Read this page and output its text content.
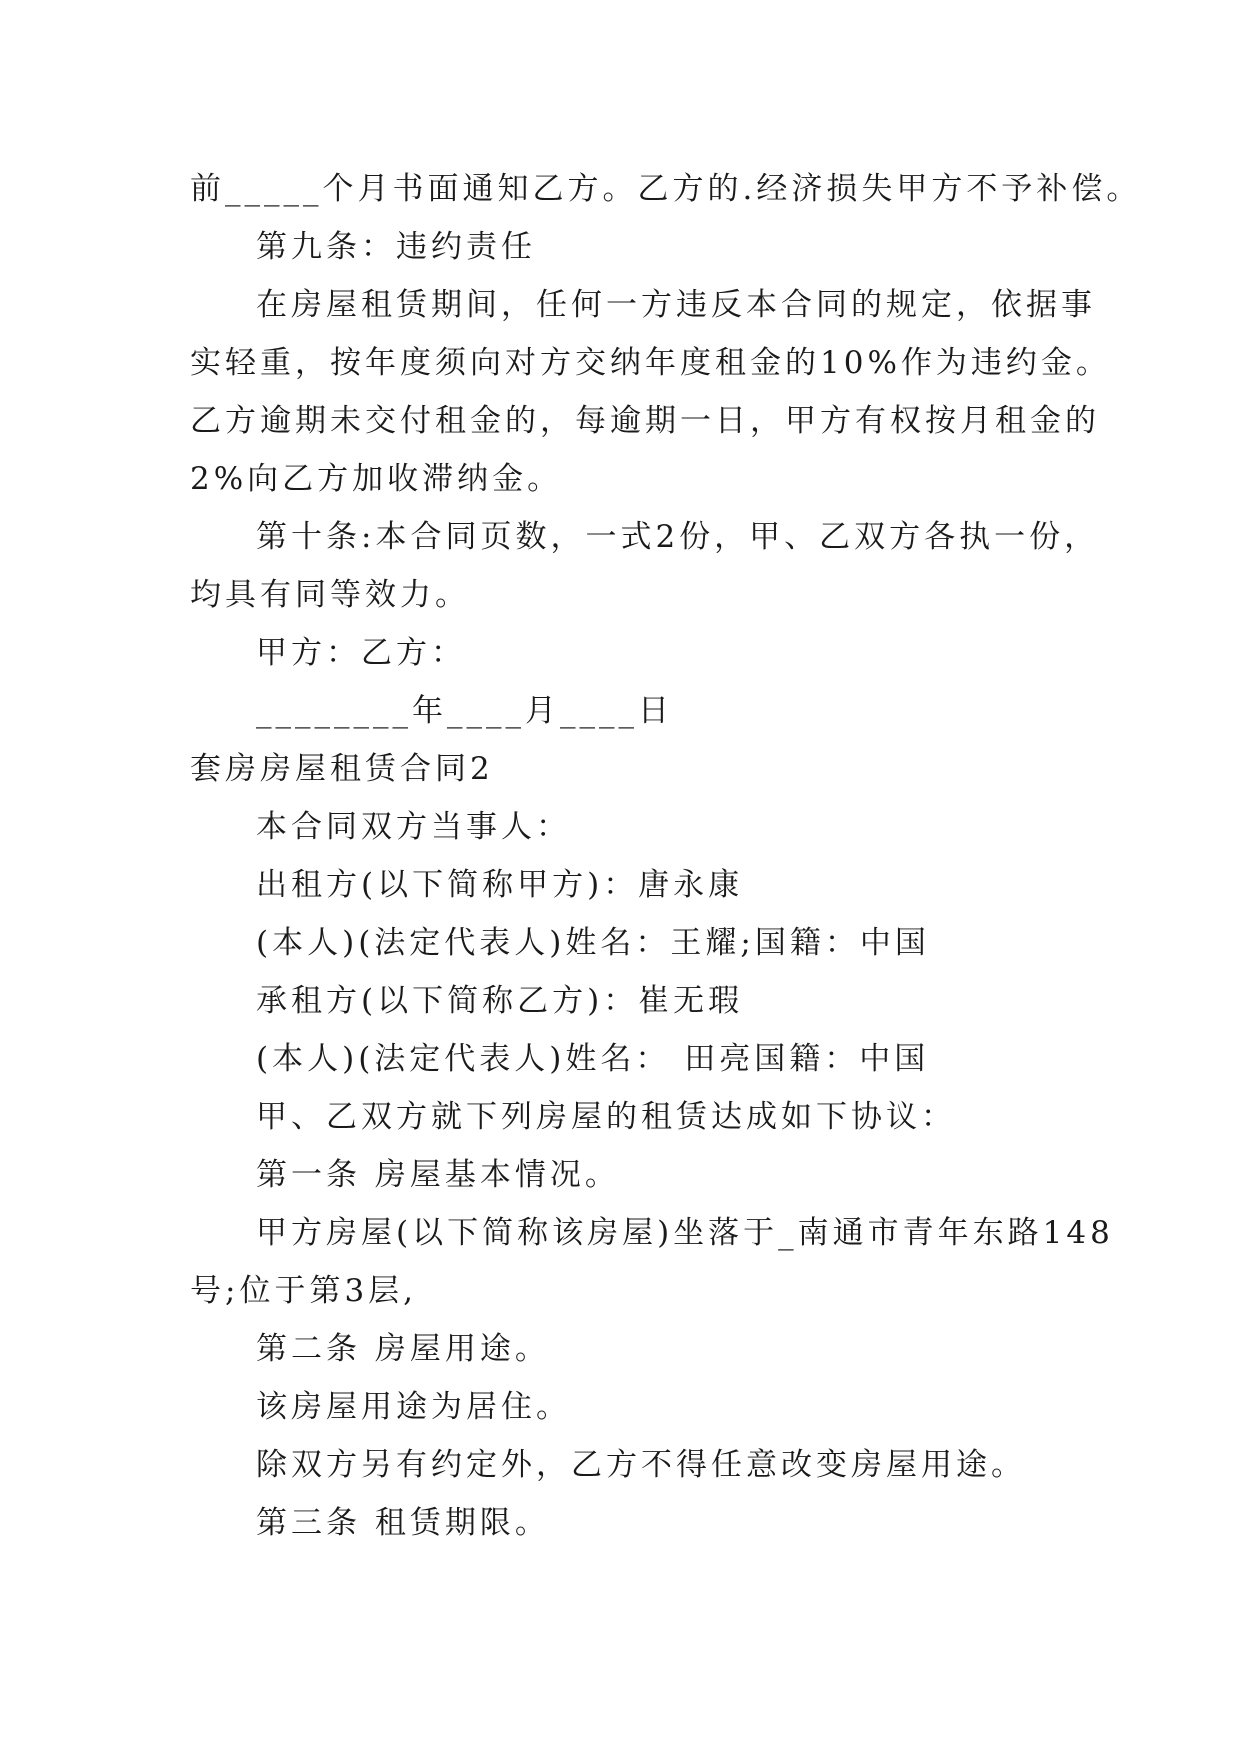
前_____个月书面通知乙方。乙方的.经济损失甲方不予补偿。
第九条：违约责任
在房屋租赁期间，任何一方违反本合同的规定，依据事
实轻重，按年度须向对方交纳年度租金的10%作为违约金。
乙方逾期未交付租金的，每逾期一日，甲方有权按月租金的
2%向乙方加收滞纳金。
第十条:本合同页数，一式2份，甲、乙双方各执一份，
均具有同等效力。
甲方：乙方：
________年____月____日
套房房屋租赁合同2
本合同双方当事人：
出租方(以下简称甲方)：唐永康
(本人)(法定代表人)姓名：王耀;国籍：中国
承租方(以下简称乙方)：崔无瑕
(本人)(法定代表人)姓名： 田亮国籍：中国
甲、乙双方就下列房屋的租赁达成如下协议：
第一条 房屋基本情况。
甲方房屋(以下简称该房屋)坐落于_南通市青年东路148
号;位于第3层,
第二条 房屋用途。
该房屋用途为居住。
除双方另有约定外，乙方不得任意改变房屋用途。
第三条 租赁期限。
